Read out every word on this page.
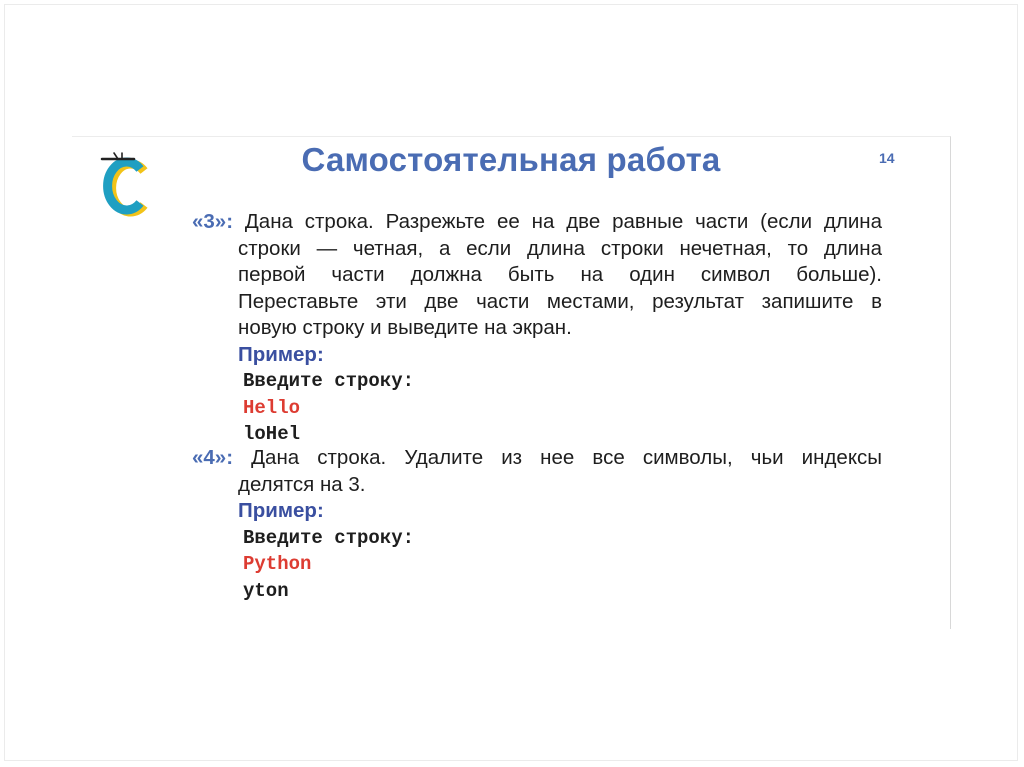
Самостоятельная работа	14
«3»: Дана строка. Разрежьте ее на две равные части (если длина
строки — четная, а если длина строки нечетная, то длина
первой части должна быть на один символ больше).
Переставьте эти две части местами, результат запишите в
новую строку и выведите на экран.
Пример:
Введите строку:
Hello
loHel
«4»: Дана строка. Удалите из нее все символы, чьи индексы
делятся на 3.
Пример:
Введите строку:
Python
yton
